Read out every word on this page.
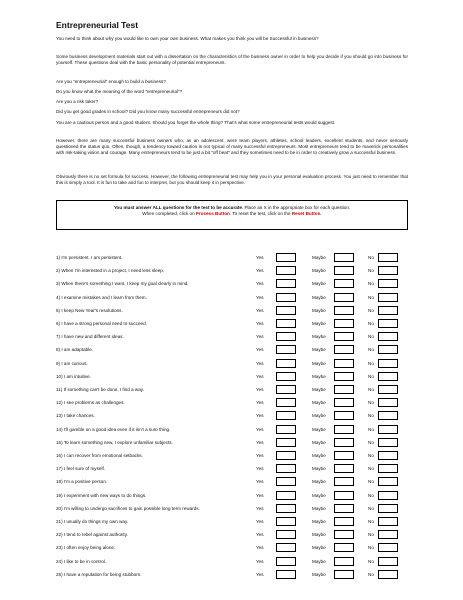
Entrepreneurial Test
You need to think about why you would like to own your own business. What makes you think you will be Successful in business?
Some business development materials start out with a dissertation on the characteristics of the business owner in order to help you decide if you should go into business for yourself. These questions deal with the basic personality of potential entrepreneurs.
Are you "entrepreneurial" enough to build a business?
Do you know what the meaning of the word "entrepreneurial"?
Are you a risk taker?
Did you get good grades in school? Did you know many successful entrepreneurs did not?
You are a cautious person and a good student. Should you forget the whole thing? That's what some entrepreneurial tests would suggest.
However, there are many successful business owners who, as an adolescent, were team players, athletes, school leaders, excellent students, and never seriously questioned the status quo. Often, though, a tendency toward caution is not typical of many successful entrepreneurs. Most entrepreneurs tend to be maverick personalities with risk-taking vision and courage. Many entrepreneurs tend to be just a bit "off beat" and they sometimes need to be in order to creatively grow a successful business.
Obviously there is no set formula for success. However, the following entrepreneurial test may help you in your personal evaluation process. You just need to remember that this is simply a tool. It is fun to take and fun to interpret, but you should keep it in perspective.
You must answer ALL questions for the test to be accurate. Place an X in the appropriate box for each question.
When completed, click on Process Button. To reset the test, click on the Reset Button.
1) I'm persistent. I am persistent.	Yes	Maybe	No
2) When I'm interested in a project, I need less sleep.	Yes	Maybe	No
3) When there's something I want, I keep my goal clearly in mind.	Yes	Maybe	No
4) I examine mistakes and I learn from them.	Yes	Maybe	No
5) I keep New Year's resolutions.	Yes	Maybe	No
6) I have a strong personal need to succeed.	Yes	Maybe	No
7) I have new and different ideas.	Yes	Maybe	No
8) I am adaptable.	Yes	Maybe	No
9) I am curious.	Yes	Maybe	No
10) I am intuitive.	Yes	Maybe	No
11) If something can't be done, I find a way.	Yes	Maybe	No
12) I see problems as challenges.	Yes	Maybe	No
13) I take chances.	Yes	Maybe	No
14) I'll gamble on a good idea even if it isn't a sure thing.	Yes	Maybe	No
15) To learn something new, I explore unfamiliar subjects.	Yes	Maybe	No
16) I can recover from emotional setbacks.	Yes	Maybe	No
17) I feel sure of myself.	Yes	Maybe	No
18) I'm a positive person.	Yes	Maybe	No
19) I experiment with new ways to do things.	Yes	Maybe	No
20) I'm willing to undergo sacrifices to gain possible long term rewards.	Yes	Maybe	No
21) I usually do things my own way.	Yes	Maybe	No
22) I tend to rebel against authority.	Yes	Maybe	No
23) I often enjoy being alone.	Yes	Maybe	No
24) I like to be in control.	Yes	Maybe	No
25) I have a reputation for being stubborn.	Yes	Maybe	No
